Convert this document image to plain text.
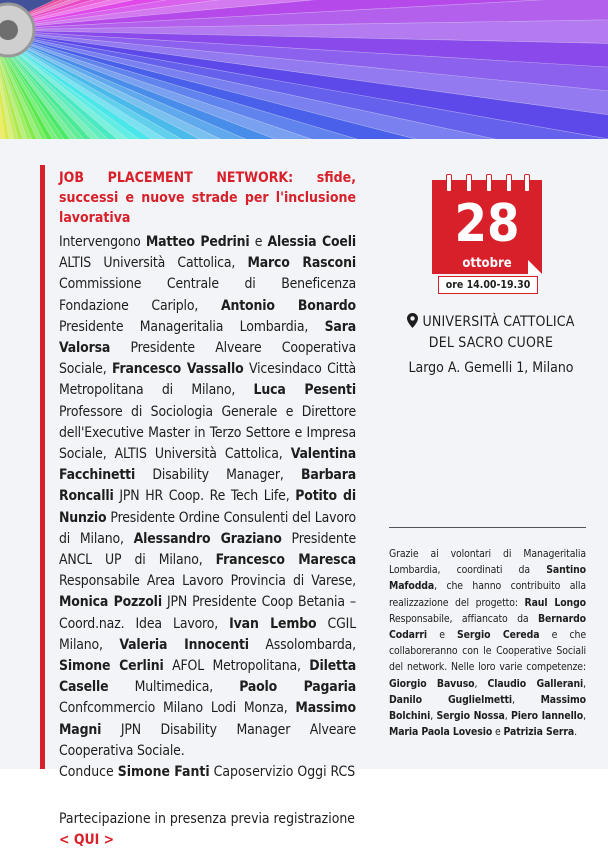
JOB PLACEMENT NETWORK: sfide, successi e nuove strade per l'inclusione lavorativa

Intervengono Matteo Pedrini e Alessia Coeli ALTIS Università Cattolica, Marco Rasconi Commissione Centrale di Beneficenza Fondazione Cariplo, Antonio Bonardo Presidente Manageritalia Lombardia, Sara Valorsa Presidente Alveare Cooperativa Sociale, Francesco Vassallo Vicesindaco Città Metropolitana di Milano, Luca Pesenti Professore di Sociologia Generale e Direttore dell'Executive Master in Terzo Settore e Impresa Sociale, ALTIS Università Cattolica, Valentina Facchinetti Disability Manager, Barbara Roncalli JPN HR Coop. Re Tech Life, Potito di Nunzio Presidente Ordine Consulenti del Lavoro di Milano, Alessandro Graziano Presidente ANCL UP di Milano, Francesco Maresca Responsabile Area Lavoro Provincia di Varese, Monica Pozzoli JPN Presidente Coop Betania – Coord.naz. Idea Lavoro, Ivan Lembo CGIL Milano, Valeria Innocenti Assolombarda, Simone Cerlini AFOL Metropolitana, Diletta Caselle Multimedica, Paolo Pagaria Confcommercio Milano Lodi Monza, Massimo Magni JPN Disability Manager Alveare Cooperativa Sociale.

Conduce Simone Fanti Caposervizio Oggi RCS

Partecipazione in presenza previa registrazione
< QUI >

28
ottobre
ore 14.00-19.30

UNIVERSITÀ CATTOLICA
DEL SACRO CUORE

Largo A. Gemelli 1, Milano

Grazie ai volontari di Manageritalia Lombardia, coordinati da Santino Mafodda, che hanno contribuito alla realizzazione del progetto: Raul Longo Responsabile, affiancato da Bernardo Codarri e Sergio Cereda e che collaboreranno con le Cooperative Sociali del network. Nelle loro varie competenze: Giorgio Bavuso, Claudio Gallerani, Danilo Guglielmetti, Massimo Bolchini, Sergio Nossa, Piero Iannello, Maria Paola Lovesio e Patrizia Serra.
